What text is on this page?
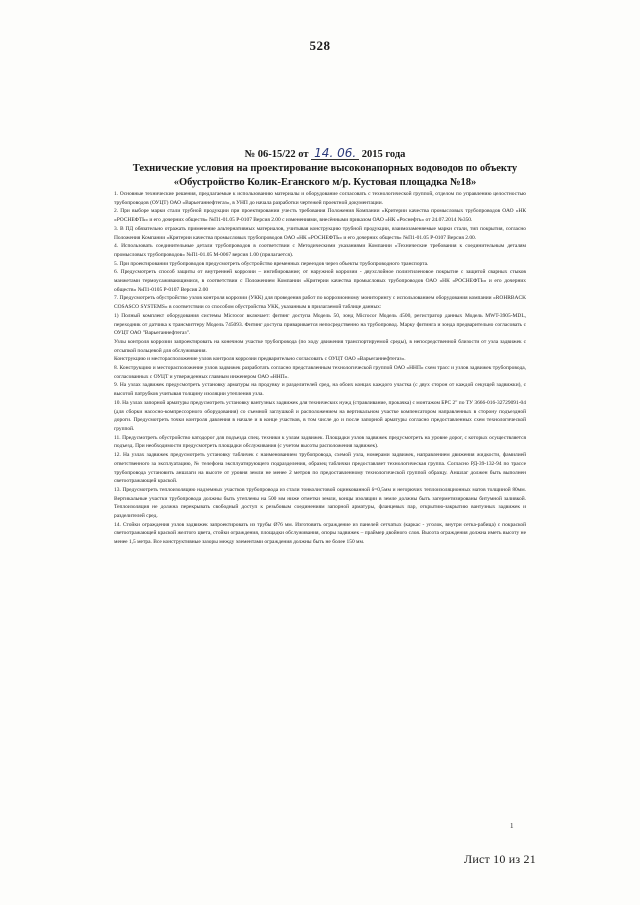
528
№ 06-15/22 от 14. 06. 2015 года
Технические условия на проектирование высоконапорных водоводов по объекту
«Обустройство Колик-Еганского м/р. Кустовая площадка №18»

1. Основные технические решения, предлагаемые к использованию материалы и оборудование согласовать с технологической группой, отделом по управлению целостностью трубопроводов (ОУЦТ) ОАО «Варьеганнефтегаз», в УНП до начала разработки чертежей проектной документации.

2. При выборе марки стали трубной продукции при проектировании учесть требования Положения Компании «Критерии качества промысловых трубопроводов ОАО «НК «РОСНЕФТЬ» и его дочерних обществ» №П1-01.05 Р-0107 Версия 2.00 с изменениями, внесёнными приказом ОАО «НК «Роснефть» от 24.07.2014 №350.

3. В ПД обязательно отражать применение альтернативных материалов, учитывая конструкцию трубной продукции, взаимозаменяемые марки стали, тип покрытия, согласно Положения Компании «Критерии качества промысловых трубопроводов ОАО «НК «РОСНЕФТЬ» и его дочерних обществ» №П1-01.05 Р-0107 Версия 2.00.

4. Использовать соединительные детали трубопроводов в соответствии с Методическими указаниями Компании «Технические требования к соединительным деталям промысловых трубопроводов» №П1-01.05 М-0067 версия 1.00 (прилагается).

5. При проектировании трубопроводов предусмотреть обустройство временных переездов через объекты трубопроводного транспорта.

6. Предусмотреть способ защиты от внутренней коррозии – ингибирование; от наружной коррозии - двухслойное полиэтиленовое покрытие с защитой сварных стыков манжетами термоусаживающимися, в соответствии с Положением Компании «Критерии качества промысловых трубопроводов ОАО «НК «РОСНЕФТЬ» и его дочерних обществ» №П1-0105 Р-0107 Версия 2.00

7. Предусмотреть обустройство узлов контроля коррозии (УКК) для проведения работ по коррозионному мониторингу с использованием оборудования компании «ROHRBACK COSASCO SYSTEMS» в соответствии со способом обустройства УКК, указанным в прилагаемой таблице данных:

1) Полный комплект оборудования системы Microcor включает: фитинг доступа Модель 50, зонд Microcor Модель 4500, регистратор данных Модель MWT-3905-MDL, переходник от датчика к трансмиттеру Модель 745093. Фитинг доступа приваривается непосредственно на трубопровод. Марку фитинга и зонда предварительно согласовать с ОУЦТ ОАО "Варьеганнефтегаз".

Узлы контроля коррозии запроектировать на конечном участке трубопровода (по ходу движения транспортируемой среды), в непосредственной близости от узла задвижек с отсыпкой польцевой для обслуживания.

Конструкцию и месторасположение узлов контроля коррозии предварительно согласовать с ОУЦТ ОАО «Варьеганнефтегаз».

8. Конструкцию и месторасположение узлов задвижек разработать согласно представленным технологической группой ОАО «ННП» схем трасс и узлов задвижек трубопровода, согласованных с ОУЦТ и утвержденных главным инженером ОАО «ННП».

9. На узлах задвижек предусмотреть установку арматуры на продувку и разделителей сред, на обоих концах каждого участка (с двух сторон от каждой секущей задвижки), с высотой патрубков учитывая толщину изоляции утепления узла.

10. На узлах запорной арматуры предусмотреть установку вантузных задвижек для технических нужд (стравливание, прокачка) с монтажом БРС 2" по ТУ 3666-016-32729091-04 (для сборки насосно-компрессорного оборудования) со съемной заглушкой и расположением на вертикальном участке компенсатором направленных в сторону подъездной дороги. Предусмотреть точки контроля давления в начале и в конце участков, в том числе до и после запорной арматуры согласно предоставленных схем технологической группой.

11. Предусмотреть обустройство катодорог для подъезда спец. техники к узлам задвижек. Площадки узлов задвижек предусмотреть на уровне дорог, с которых осуществляется подъезд. При необходимости предусмотреть площадки обслуживания (с учетом высоты расположения задвижек).

12. На узлах задвижек предусмотреть установку табличек с наименованием трубопровода, схемой узла, номерами задвижек, направлением движения жидкости, фамилией ответственного за эксплуатацию, № телефона эксплуатирующего подразделения, образец таблички предоставляет технологическая группа. Согласно РД-39-132-94 по трассе трубопровода установить аншлаги на высоте от уровня земли не менее 2 метров по предоставленному технологической группой образцу. Аншлаг должен быть выполнен светоотражающей краской.

13. Предусмотреть теплоизоляцию надземных участков трубопровода из стали тонколистовой оцинкованной δ=0,5мм и негорючих теплоизоляционных матов толщиной 80мм. Вертикальные участки трубопровода должны быть утеплены на 500 мм ниже отметки земли, концы изоляции в земле должны быть загерметизированы битумной заливкой. Теплоизоляция не должна перекрывать свободный доступ к резьбовым соединениям запорной арматуры, фланцевых пар, открытию-закрытию вантузных задвижек и разделителей сред.

14. Стойки ограждения узлов задвижек запроектировать из трубы Ø76 мм. Изготовить ограждение из панелей сетчатых (каркас - уголок, внутри сетка-рабица) с покраской светоотражающей краской желтого цвета, стойки ограждения, площадки обслуживания, опоры задвижек – праймер двойного слоя. Высота ограждения должна иметь высоту не менее 1,5 метра. Все конструктивные зазоры между элементами ограждения должны быть не более 150 мм.

1
Лист 10 из 21
